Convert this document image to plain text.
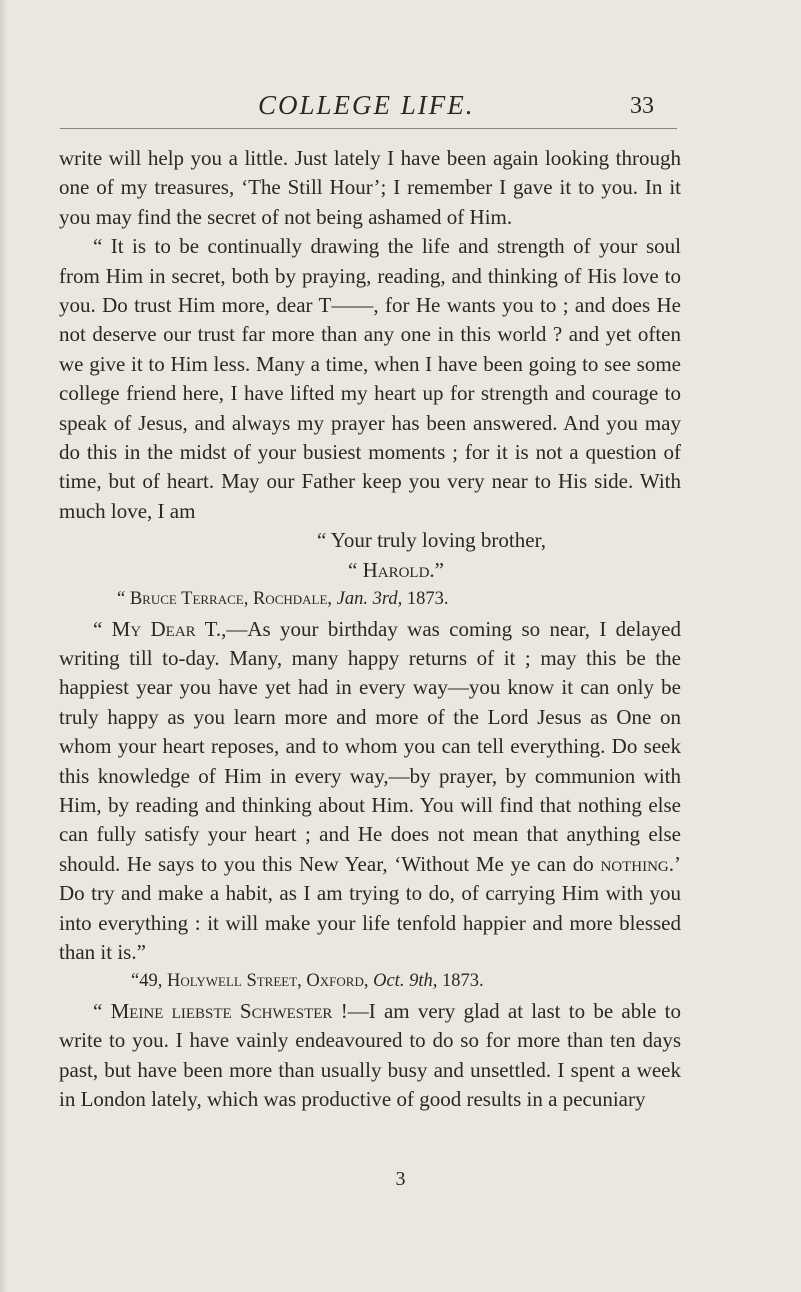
COLLEGE LIFE.	33

write will help you a little. Just lately I have been again looking through one of my treasures, ‘The Still Hour’; I remember I gave it to you. In it you may find the secret of not being ashamed of Him.

“ It is to be continually drawing the life and strength of your soul from Him in secret, both by praying, reading, and thinking of His love to you. Do trust Him more, dear T——, for He wants you to ; and does He not deserve our trust far more than any one in this world ? and yet often we give it to Him less. Many a time, when I have been going to see some college friend here, I have lifted my heart up for strength and courage to speak of Jesus, and always my prayer has been answered. And you may do this in the midst of your busiest moments ; for it is not a question of time, but of heart. May our Father keep you very near to His side. With much love, I am

“ Your truly loving brother,

“ Harold.”

“ Bruce Terrace, Rochdale, Jan. 3rd, 1873.

“ My Dear T.,—As your birthday was coming so near, I delayed writing till to-day. Many, many happy returns of it ; may this be the happiest year you have yet had in every way—you know it can only be truly happy as you learn more and more of the Lord Jesus as One on whom your heart reposes, and to whom you can tell everything. Do seek this knowledge of Him in every way,—by prayer, by communion with Him, by reading and thinking about Him. You will find that nothing else can fully satisfy your heart ; and He does not mean that anything else should. He says to you this New Year, ‘Without Me ye can do nothing.’ Do try and make a habit, as I am trying to do, of carrying Him with you into everything : it will make your life tenfold happier and more blessed than it is.”

“49, Holywell Street, Oxford, Oct. 9th, 1873.

“ Meine liebste Schwester !—I am very glad at last to be able to write to you. I have vainly endeavoured to do so for more than ten days past, but have been more than usually busy and unsettled. I spent a week in London lately, which was productive of good results in a pecuniary

3
